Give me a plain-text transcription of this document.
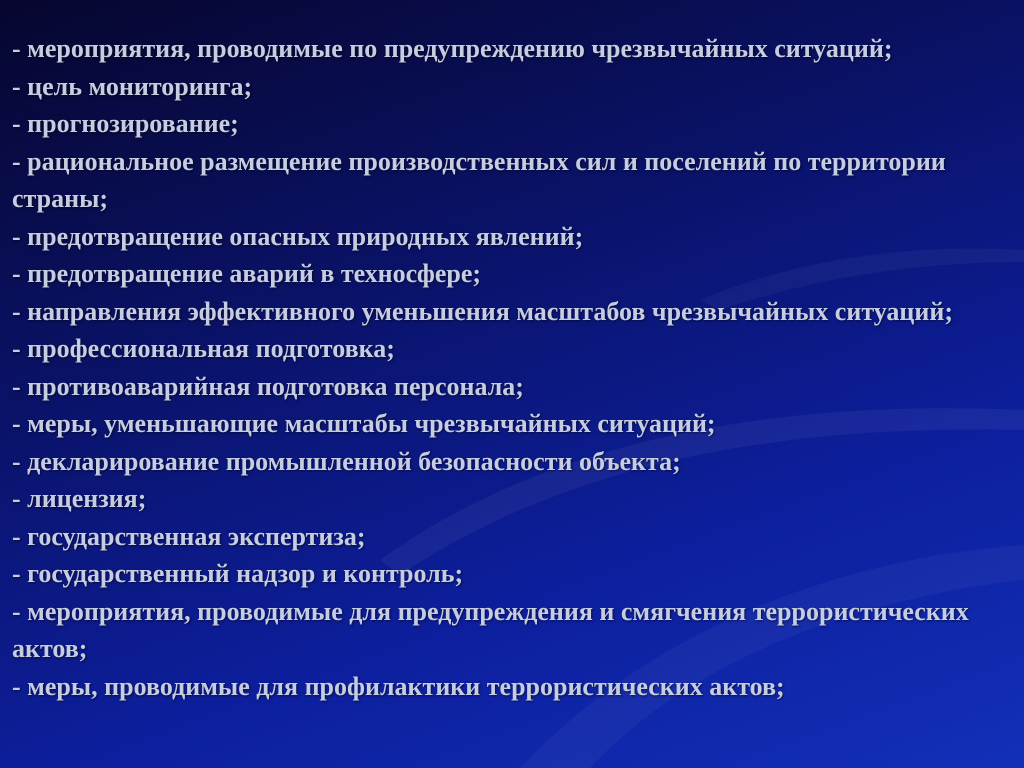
- мероприятия, проводимые по предупреждению чрезвычайных ситуаций;
- цель мониторинга;
- прогнозирование;
- рациональное размещение производственных сил и поселений по территории страны;
- предотвращение опасных природных явлений;
- предотвращение аварий в техносфере;
- направления эффективного уменьшения масштабов чрезвычайных ситуаций;
- профессиональная подготовка;
- противоаварийная подготовка персонала;
- меры, уменьшающие масштабы чрезвычайных ситуаций;
- декларирование промышленной безопасности объекта;
- лицензия;
- государственная экспертиза;
- государственный надзор и контроль;
- мероприятия, проводимые для предупреждения и смягчения террористических актов;
- меры, проводимые для профилактики террористических актов;
